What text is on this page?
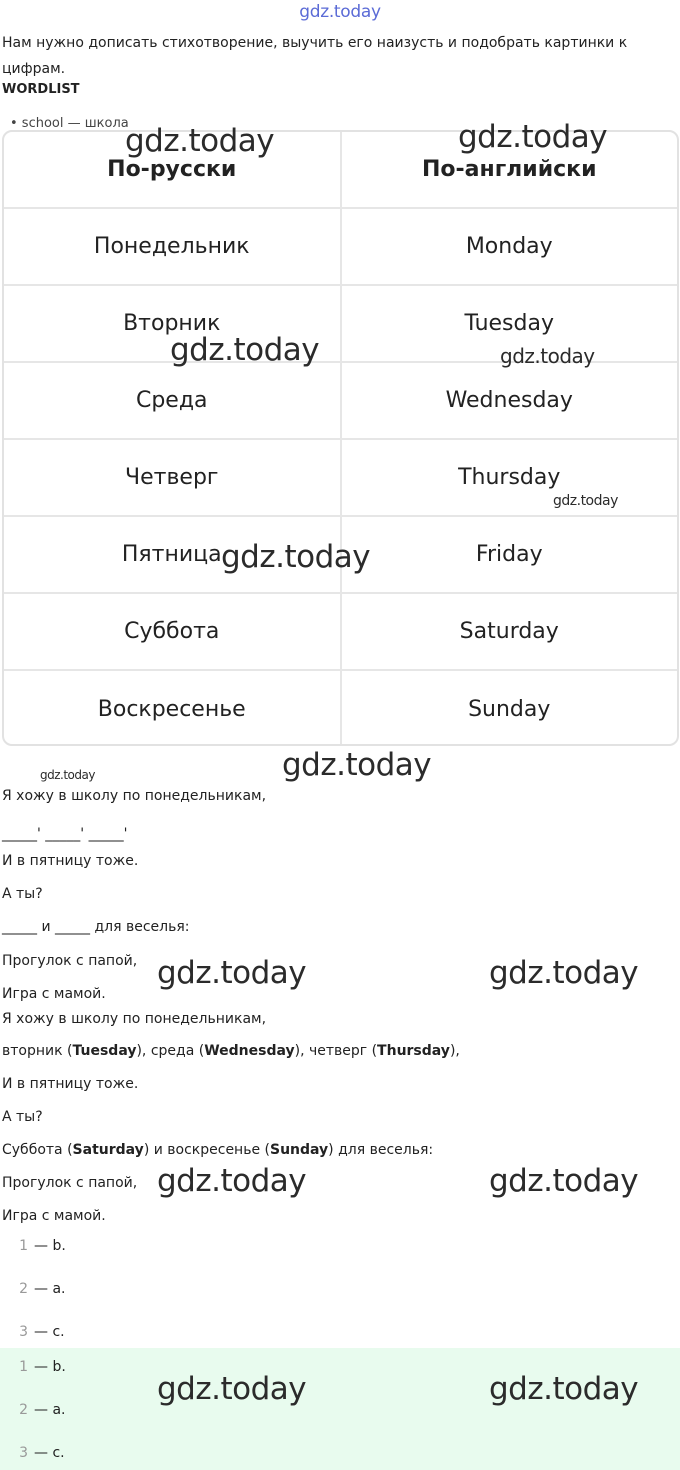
gdz.today
Нам нужно дописать стихотворение, выучить его наизусть и подобрать картинки к цифрам.
WORDLIST
• school — школа
По-русски	По-английски
Понедельник	Monday
Вторник	Tuesday
Среда	Wednesday
Четверг	Thursday
Пятница	Friday
Суббота	Saturday
Воскресенье	Sunday
Я хожу в школу по понедельникам,
_____' _____' _____'
И в пятницу тоже.
А ты?
_____ и _____ для веселья:
Прогулок с папой,
Игра с мамой.
Я хожу в школу по понедельникам,
вторник (Tuesday), среда (Wednesday), четверг (Thursday),
И в пятницу тоже.
А ты?
Суббота (Saturday) и воскресенье (Sunday) для веселья:
Прогулок с папой,
Игра с мамой.
1 — b.
2 — a.
3 — c.
1 — b.
2 — a.
3 — c.
gdz.today	gdz.today
gdz.today	gdz.today
gdz.today
gdz.today
gdz.today
gdz.today
gdz.today	gdz.today
gdz.today	gdz.today
gdz.today	gdz.today
